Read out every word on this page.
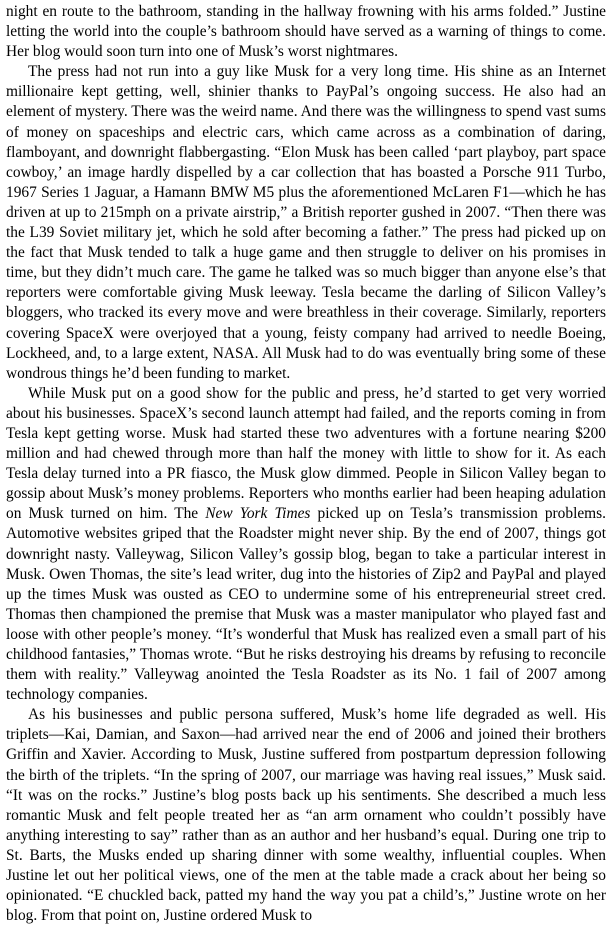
night en route to the bathroom, standing in the hallway frowning with his arms folded.” Justine letting the world into the couple’s bathroom should have served as a warning of things to come. Her blog would soon turn into one of Musk’s worst nightmares.

The press had not run into a guy like Musk for a very long time. His shine as an Internet millionaire kept getting, well, shinier thanks to PayPal’s ongoing success. He also had an element of mystery. There was the weird name. And there was the willingness to spend vast sums of money on spaceships and electric cars, which came across as a combination of daring, flamboyant, and downright flabbergasting. “Elon Musk has been called ‘part playboy, part space cowboy,’ an image hardly dispelled by a car collection that has boasted a Porsche 911 Turbo, 1967 Series 1 Jaguar, a Hamann BMW M5 plus the aforementioned McLaren F1—which he has driven at up to 215mph on a private airstrip,” a British reporter gushed in 2007. “Then there was the L39 Soviet military jet, which he sold after becoming a father.” The press had picked up on the fact that Musk tended to talk a huge game and then struggle to deliver on his promises in time, but they didn’t much care. The game he talked was so much bigger than anyone else’s that reporters were comfortable giving Musk leeway. Tesla became the darling of Silicon Valley’s bloggers, who tracked its every move and were breathless in their coverage. Similarly, reporters covering SpaceX were overjoyed that a young, feisty company had arrived to needle Boeing, Lockheed, and, to a large extent, NASA. All Musk had to do was eventually bring some of these wondrous things he’d been funding to market.

While Musk put on a good show for the public and press, he’d started to get very worried about his businesses. SpaceX’s second launch attempt had failed, and the reports coming in from Tesla kept getting worse. Musk had started these two adventures with a fortune nearing $200 million and had chewed through more than half the money with little to show for it. As each Tesla delay turned into a PR fiasco, the Musk glow dimmed. People in Silicon Valley began to gossip about Musk’s money problems. Reporters who months earlier had been heaping adulation on Musk turned on him. The New York Times picked up on Tesla’s transmission problems. Automotive websites griped that the Roadster might never ship. By the end of 2007, things got downright nasty. Valleywag, Silicon Valley’s gossip blog, began to take a particular interest in Musk. Owen Thomas, the site’s lead writer, dug into the histories of Zip2 and PayPal and played up the times Musk was ousted as CEO to undermine some of his entrepreneurial street cred. Thomas then championed the premise that Musk was a master manipulator who played fast and loose with other people’s money. “It’s wonderful that Musk has realized even a small part of his childhood fantasies,” Thomas wrote. “But he risks destroying his dreams by refusing to reconcile them with reality.” Valleywag anointed the Tesla Roadster as its No. 1 fail of 2007 among technology companies.

As his businesses and public persona suffered, Musk’s home life degraded as well. His triplets—Kai, Damian, and Saxon—had arrived near the end of 2006 and joined their brothers Griffin and Xavier. According to Musk, Justine suffered from postpartum depression following the birth of the triplets. “In the spring of 2007, our marriage was having real issues,” Musk said. “It was on the rocks.” Justine’s blog posts back up his sentiments. She described a much less romantic Musk and felt people treated her as “an arm ornament who couldn’t possibly have anything interesting to say” rather than as an author and her husband’s equal. During one trip to St. Barts, the Musks ended up sharing dinner with some wealthy, influential couples. When Justine let out her political views, one of the men at the table made a crack about her being so opinionated. “E chuckled back, patted my hand the way you pat a child’s,” Justine wrote on her blog. From that point on, Justine ordered Musk to
